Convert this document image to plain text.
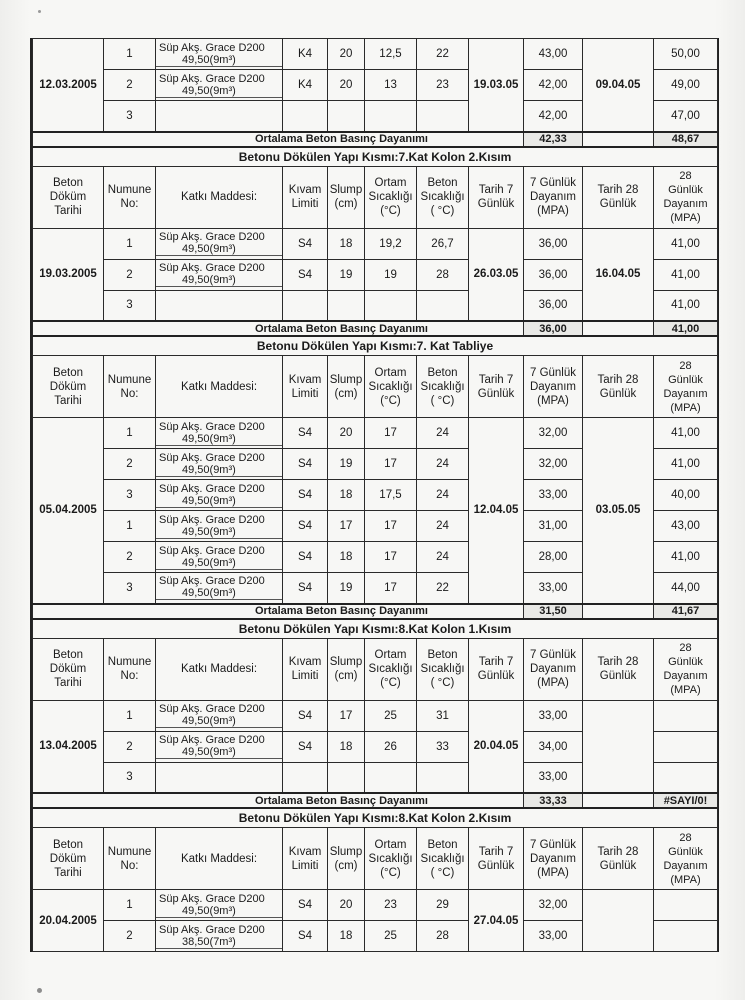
12.03.2005	1	Süp Akş. Grace D200
49,50(9m³)	K4	20	12,5	22	19.03.05	43,00	09.04.05	50,00
	2	Süp Akş. Grace D200
49,50(9m³)	K4	20	13	23		42,00		49,00
	3							42,00		47,00
Ortalama Beton Basınç Dayanımı								42,33		48,67
Betonu Dökülen Yapı Kısmı:7.Kat Kolon 2.Kısım										
Beton
Döküm
Tarihi	Numune
No:	Katkı Maddesi:	Kıvam
Limiti	Slump
(cm)	Ortam
Sıcaklığı
(°C)	Beton
Sıcaklığı
( °C)	Tarih 7
Günlük	7 Günlük
Dayanım
(MPA)	Tarih 28
Günlük	28
Günlük
Dayanım
(MPA)
19.03.2005	1	Süp Akş. Grace D200
49,50(9m³)	S4	18	19,2	26,7	26.03.05	36,00	16.04.05	41,00
	2	Süp Akş. Grace D200
49,50(9m³)	S4	19	19	28		36,00		41,00
	3							36,00		41,00
Ortalama Beton Basınç Dayanımı								36,00		41,00
Betonu Dökülen Yapı Kısmı:7. Kat Tabliye										
Beton
Döküm
Tarihi	Numune
No:	Katkı Maddesi:	Kıvam
Limiti	Slump
(cm)	Ortam
Sıcaklığı
(°C)	Beton
Sıcaklığı
( °C)	Tarih 7
Günlük	7 Günlük
Dayanım
(MPA)	Tarih 28
Günlük	28
Günlük
Dayanım
(MPA)
05.04.2005	1	Süp Akş. Grace D200
49,50(9m³)	S4	20	17	24	12.04.05	32,00	03.05.05	41,00
	2	Süp Akş. Grace D200
49,50(9m³)	S4	19	17	24		32,00		41,00
	3	Süp Akş. Grace D200
49,50(9m³)	S4	18	17,5	24		33,00		40,00
	1	Süp Akş. Grace D200
49,50(9m³)	S4	17	17	24		31,00		43,00
	2	Süp Akş. Grace D200
49,50(9m³)	S4	18	17	24		28,00		41,00
	3	Süp Akş. Grace D200
49,50(9m³)	S4	19	17	22		33,00		44,00
Ortalama Beton Basınç Dayanımı								31,50		41,67
Betonu Dökülen Yapı Kısmı:8.Kat Kolon 1.Kısım										
Beton
Döküm
Tarihi	Numune
No:	Katkı Maddesi:	Kıvam
Limiti	Slump
(cm)	Ortam
Sıcaklığı
(°C)	Beton
Sıcaklığı
( °C)	Tarih 7
Günlük	7 Günlük
Dayanım
(MPA)	Tarih 28
Günlük	28
Günlük
Dayanım
(MPA)
13.04.2005	1	Süp Akş. Grace D200
49,50(9m³)	S4	17	25	31	20.04.05	33,00		
	2	Süp Akş. Grace D200
49,50(9m³)	S4	18	26	33		34,00		
	3							33,00		
Ortalama Beton Basınç Dayanımı								33,33		#SAYI/0!
Betonu Dökülen Yapı Kısmı:8.Kat Kolon 2.Kısım										
Beton
Döküm
Tarihi	Numune
No:	Katkı Maddesi:	Kıvam
Limiti	Slump
(cm)	Ortam
Sıcaklığı
(°C)	Beton
Sıcaklığı
( °C)	Tarih 7
Günlük	7 Günlük
Dayanım
(MPA)	Tarih 28
Günlük	28
Günlük
Dayanım
(MPA)
20.04.2005	1	Süp Akş. Grace D200
49,50(9m³)	S4	20	23	29	27.04.05	32,00		
	2	Süp Akş. Grace D200
38,50(7m³)	S4	18	25	28		33,00		
